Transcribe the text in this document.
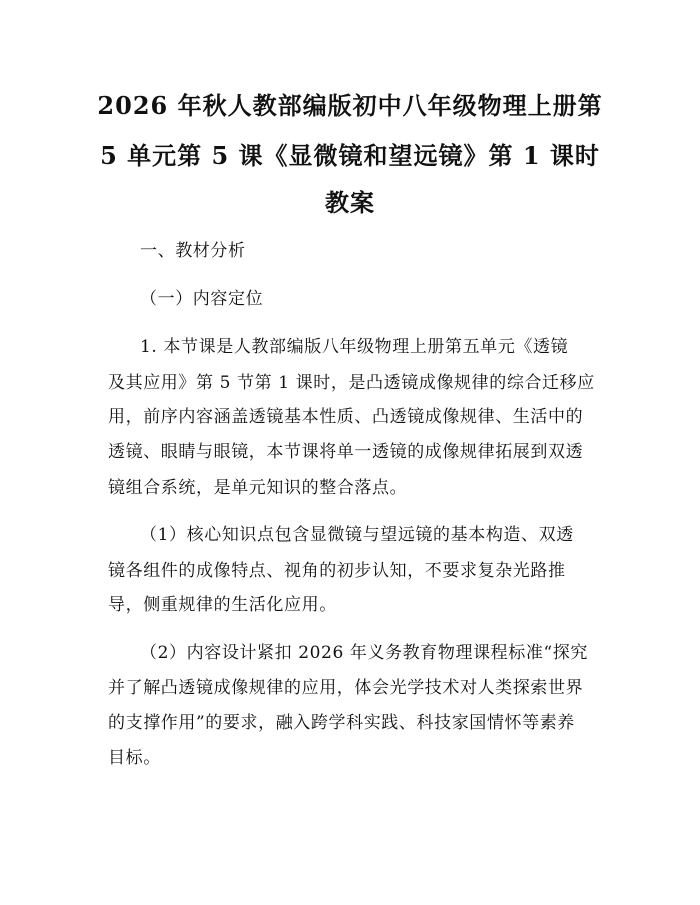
2026 年秋人教部编版初中八年级物理上册第
5 单元第 5 课《显微镜和望远镜》第 1 课时
教案
一、教材分析
（一）内容定位
1. 本节课是人教部编版八年级物理上册第五单元《透镜
及其应用》第 5 节第 1 课时，是凸透镜成像规律的综合迁移应
用，前序内容涵盖透镜基本性质、凸透镜成像规律、生活中的
透镜、眼睛与眼镜，本节课将单一透镜的成像规律拓展到双透
镜组合系统，是单元知识的整合落点。
（1）核心知识点包含显微镜与望远镜的基本构造、双透
镜各组件的成像特点、视角的初步认知，不要求复杂光路推
导，侧重规律的生活化应用。
（2）内容设计紧扣 2026 年义务教育物理课程标准“探究
并了解凸透镜成像规律的应用，体会光学技术对人类探索世界
的支撑作用”的要求，融入跨学科实践、科技家国情怀等素养
目标。
